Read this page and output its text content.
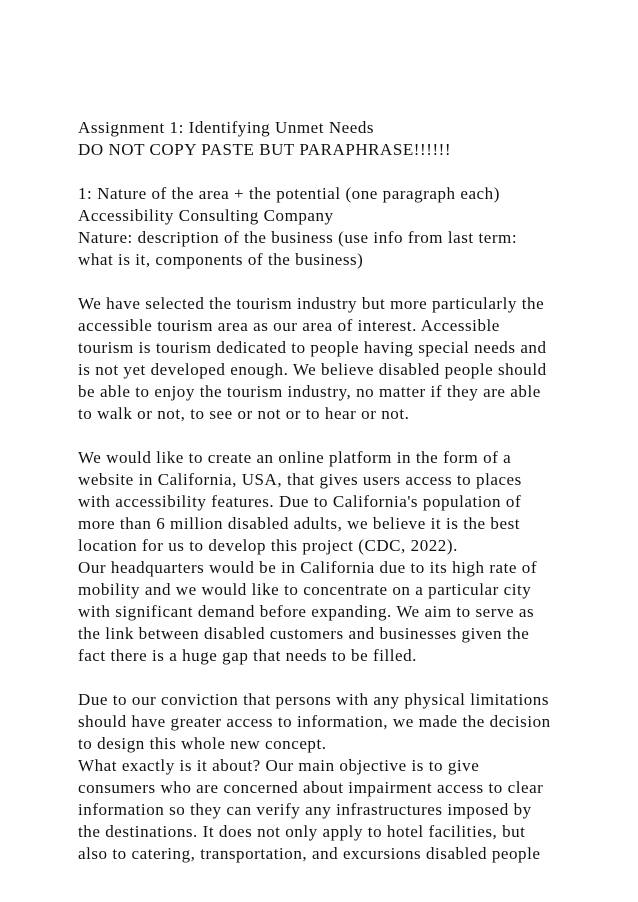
Assignment 1: Identifying Unmet Needs
DO NOT COPY PASTE BUT PARAPHRASE!!!!!!
1: Nature of the area + the potential (one paragraph each)
Accessibility Consulting Company
Nature: description of the business (use info from last term:
what is it, components of the business)
We have selected the tourism industry but more particularly the
accessible tourism area as our area of interest. Accessible
tourism is tourism dedicated to people having special needs and
is not yet developed enough. We believe disabled people should
be able to enjoy the tourism industry, no matter if they are able
to walk or not, to see or not or to hear or not.
We would like to create an online platform in the form of a
website in California, USA, that gives users access to places
with accessibility features. Due to California's population of
more than 6 million disabled adults, we believe it is the best
location for us to develop this project (CDC, 2022).
Our headquarters would be in California due to its high rate of
mobility and we would like to concentrate on a particular city
with significant demand before expanding. We aim to serve as
the link between disabled customers and businesses given the
fact there is a huge gap that needs to be filled.
Due to our conviction that persons with any physical limitations
should have greater access to information, we made the decision
to design this whole new concept.
What exactly is it about? Our main objective is to give
consumers who are concerned about impairment access to clear
information so they can verify any infrastructures imposed by
the destinations. It does not only apply to hotel facilities, but
also to catering, transportation, and excursions disabled people
